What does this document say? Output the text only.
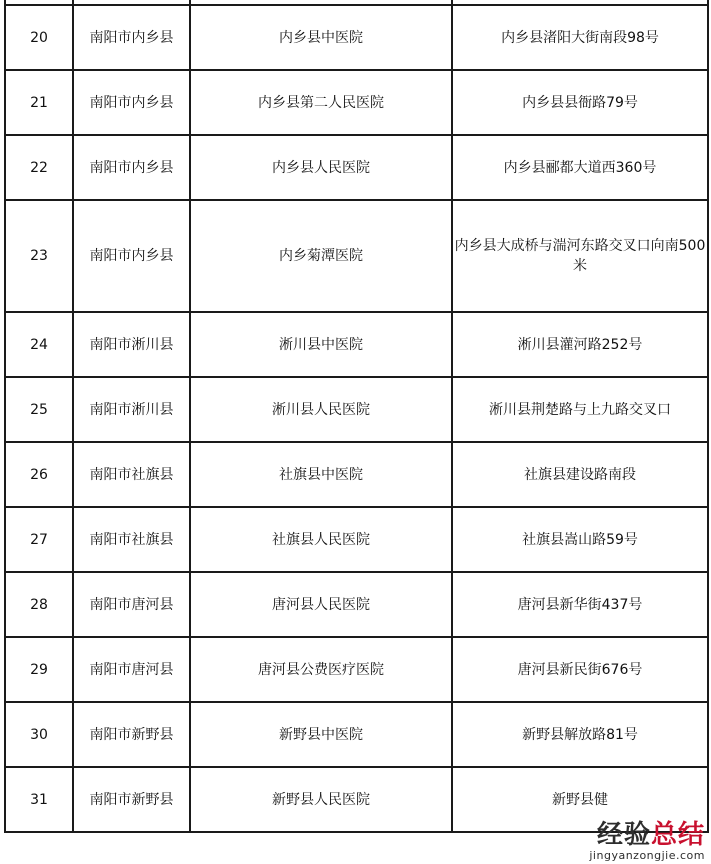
20	南阳市内乡县	内乡县中医院	内乡县渚阳大街南段98号
21	南阳市内乡县	内乡县第二人民医院	内乡县县衙路79号
22	南阳市内乡县	内乡县人民医院	内乡县郦都大道西360号
23	南阳市内乡县	内乡菊潭医院	内乡县大成桥与湍河东路交叉口向南500米
24	南阳市淅川县	淅川县中医院	淅川县灌河路252号
25	南阳市淅川县	淅川县人民医院	淅川县荆楚路与上九路交叉口
26	南阳市社旗县	社旗县中医院	社旗县建设路南段
27	南阳市社旗县	社旗县人民医院	社旗县嵩山路59号
28	南阳市唐河县	唐河县人民医院	唐河县新华街437号
29	南阳市唐河县	唐河县公费医疗医院	唐河县新民街676号
30	南阳市新野县	新野县中医院	新野县解放路81号
31	南阳市新野县	新野县人民医院	新野县健
经验总结
jingyanzongjie.com
